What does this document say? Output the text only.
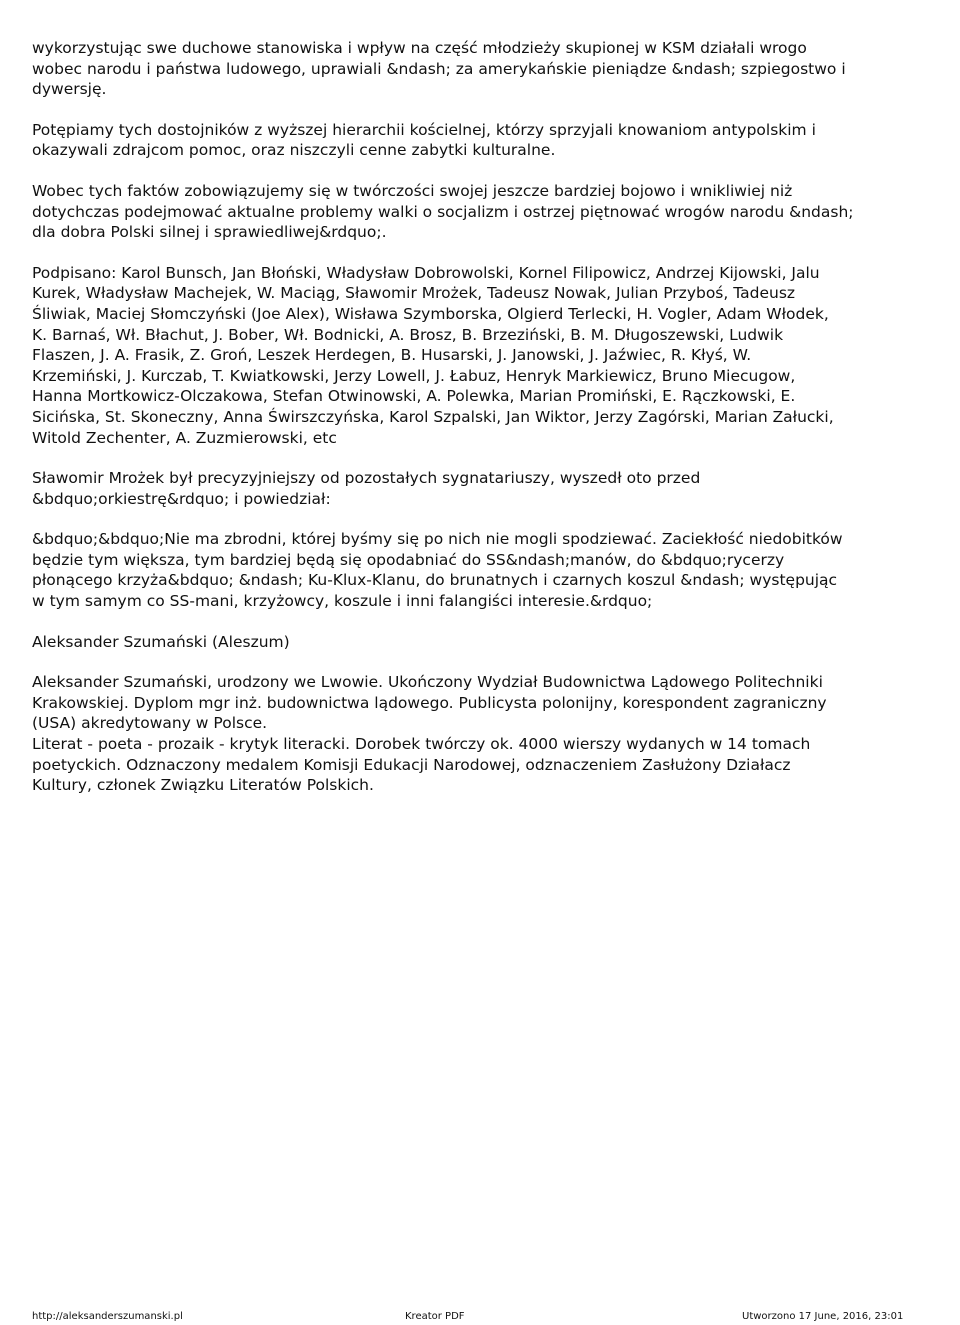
wykorzystując swe duchowe stanowiska i wpływ na część młodzieży skupionej w KSM działali wrogo
wobec narodu i państwa ludowego, uprawiali &ndash; za amerykańskie pieniądze &ndash; szpiegostwo i
dywersję.

Potępiamy tych dostojników z wyższej hierarchii kościelnej, którzy sprzyjali knowaniom antypolskim i
okazywali zdrajcom pomoc, oraz niszczyli cenne zabytki kulturalne.

Wobec tych faktów zobowiązujemy się w twórczości swojej jeszcze bardziej bojowo i wnikliwiej niż
dotychczas podejmować aktualne problemy walki o socjalizm i ostrzej piętnować wrogów narodu &ndash;
dla dobra Polski silnej i sprawiedliwej&rdquo;.

Podpisano: Karol Bunsch, Jan Błoński, Władysław Dobrowolski, Kornel Filipowicz, Andrzej Kijowski, Jalu
Kurek, Władysław Machejek, W. Maciąg, Sławomir Mrożek, Tadeusz Nowak, Julian Przyboś, Tadeusz
Śliwiak, Maciej Słomczyński (Joe Alex), Wisława Szymborska, Olgierd Terlecki, H. Vogler, Adam Włodek,
K. Barnaś, Wł. Błachut, J. Bober, Wł. Bodnicki, A. Brosz, B. Brzeziński, B. M. Długoszewski, Ludwik
Flaszen, J. A. Frasik, Z. Groń, Leszek Herdegen, B. Husarski, J. Janowski, J. Jaźwiec, R. Kłyś, W.
Krzemiński, J. Kurczab, T. Kwiatkowski, Jerzy Lowell, J. Łabuz, Henryk Markiewicz, Bruno Miecugow,
Hanna Mortkowicz-Olczakowa, Stefan Otwinowski, A. Polewka, Marian Promiński, E. Rączkowski, E.
Sicińska, St. Skoneczny, Anna Świrszczyńska, Karol Szpalski, Jan Wiktor, Jerzy Zagórski, Marian Załucki,
Witold Zechenter, A. Zuzmierowski, etc

Sławomir Mrożek był precyzyjniejszy od pozostałych sygnatariuszy, wyszedł oto przed
&bdquo;orkiestrę&rdquo; i powiedział:

&bdquo;&bdquo;Nie ma zbrodni, której byśmy się po nich nie mogli spodziewać. Zaciekłość niedobitków
będzie tym większa, tym bardziej będą się opodabniać do SS&ndash;manów, do &bdquo;rycerzy
płonącego krzyża&bdquo; &ndash; Ku-Klux-Klanu, do brunatnych i czarnych koszul &ndash; występując
w tym samym co SS-mani, krzyżowcy, koszule i inni falangiści interesie.&rdquo;

Aleksander Szumański (Aleszum)

Aleksander Szumański, urodzony we Lwowie. Ukończony Wydział Budownictwa Lądowego Politechniki
Krakowskiej. Dyplom mgr inż. budownictwa lądowego. Publicysta polonijny, korespondent zagraniczny
(USA) akredytowany w Polsce.

Literat - poeta - prozaik - krytyk literacki. Dorobek twórczy ok. 4000 wierszy wydanych w 14 tomach
poetyckich. Odznaczony medalem Komisji Edukacji Narodowej, odznaczeniem Zasłużony Działacz
Kultury, członek Związku Literatów Polskich.

http://aleksanderszumanski.pl	Kreator PDF	Utworzono 17 June, 2016, 23:01
